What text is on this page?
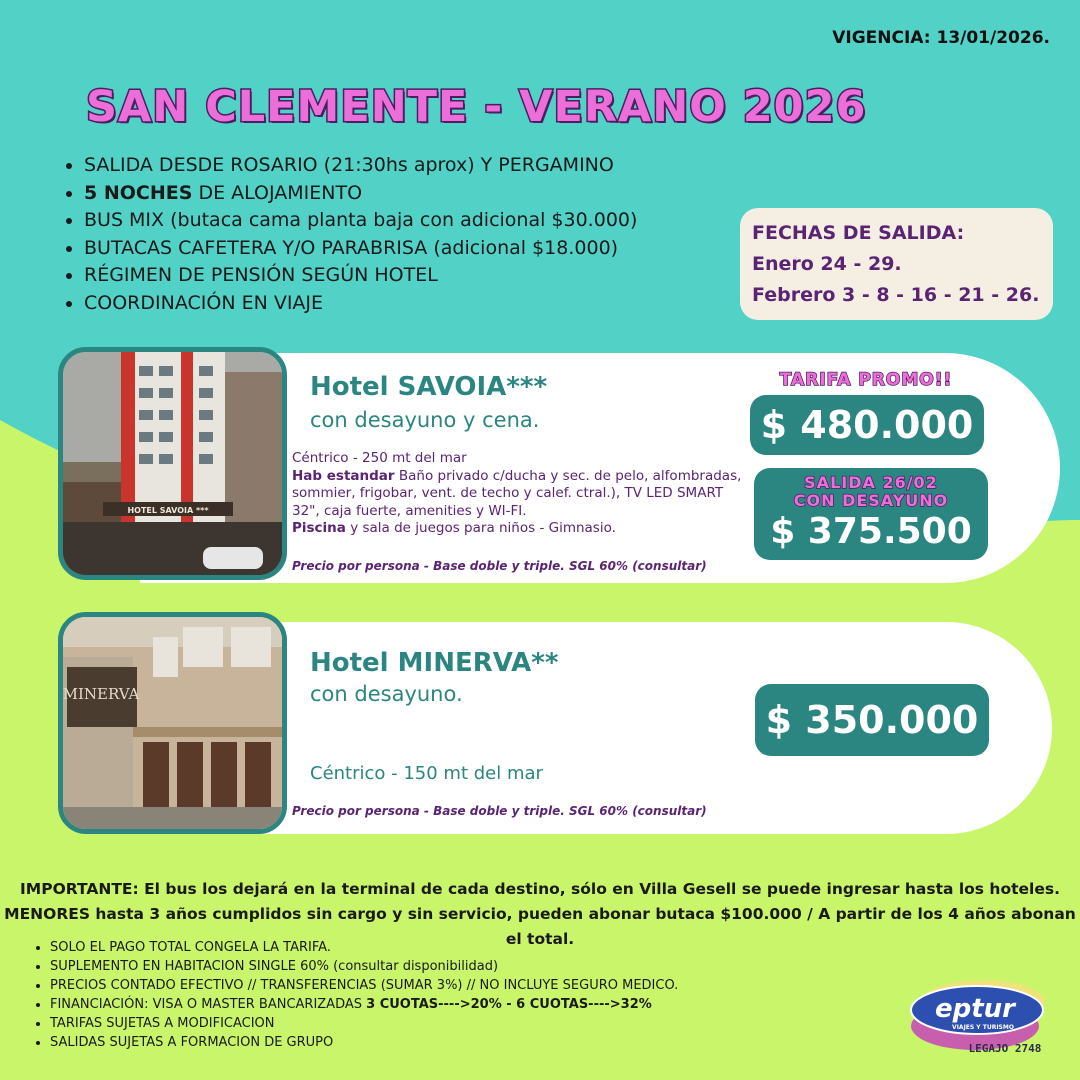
VIGENCIA: 13/01/2026.
SAN CLEMENTE - VERANO 2026
• SALIDA DESDE ROSARIO (21:30hs aprox) Y PERGAMINO
• 5 NOCHES DE ALOJAMIENTO
• BUS MIX (butaca cama planta baja con adicional $30.000)
• BUTACAS CAFETERA Y/O PARABRISA (adicional $18.000)
• RÉGIMEN DE PENSIÓN SEGÚN HOTEL
• COORDINACIÓN EN VIAJE
FECHAS DE SALIDA:
Enero 24 - 29.
Febrero 3 - 8 - 16 - 21 - 26.
HOTEL SAVOIA ***
Hotel SAVOIA***
con desayuno y cena.
Céntrico - 250 mt del mar
Hab estandar Baño privado c/ducha y sec. de pelo, alfombradas, sommier, frigobar, vent. de techo y calef. ctral.), TV LED SMART 32", caja fuerte, amenities y WI-FI.
Piscina y sala de juegos para niños - Gimnasio.
Precio por persona - Base doble y triple. SGL 60% (consultar)
TARIFA PROMO!!
$ 480.000
SALIDA 26/02
CON DESAYUNO
$ 375.500
MINERVA
Hotel MINERVA**
con desayuno.
Céntrico - 150 mt del mar
Precio por persona - Base doble y triple. SGL 60% (consultar)
$ 350.000
IMPORTANTE: El bus los dejará en la terminal de cada destino, sólo en Villa Gesell se puede ingresar hasta los hoteles.
MENORES hasta 3 años cumplidos sin cargo y sin servicio, pueden abonar butaca $100.000 / A partir de los 4 años abonan el total.
• SOLO EL PAGO TOTAL CONGELA LA TARIFA.
• SUPLEMENTO EN HABITACION SINGLE 60% (consultar disponibilidad)
• PRECIOS CONTADO EFECTIVO // TRANSFERENCIAS (SUMAR 3%) // NO INCLUYE SEGURO MEDICO.
• FINANCIACIÓN: VISA O MASTER BANCARIZADAS 3 CUOTAS---->20% - 6 CUOTAS---->32%
• TARIFAS SUJETAS A MODIFICACION
• SALIDAS SUJETAS A FORMACION DE GRUPO
eptur
VIAJES Y TURISMO
LEGAJO 2748
